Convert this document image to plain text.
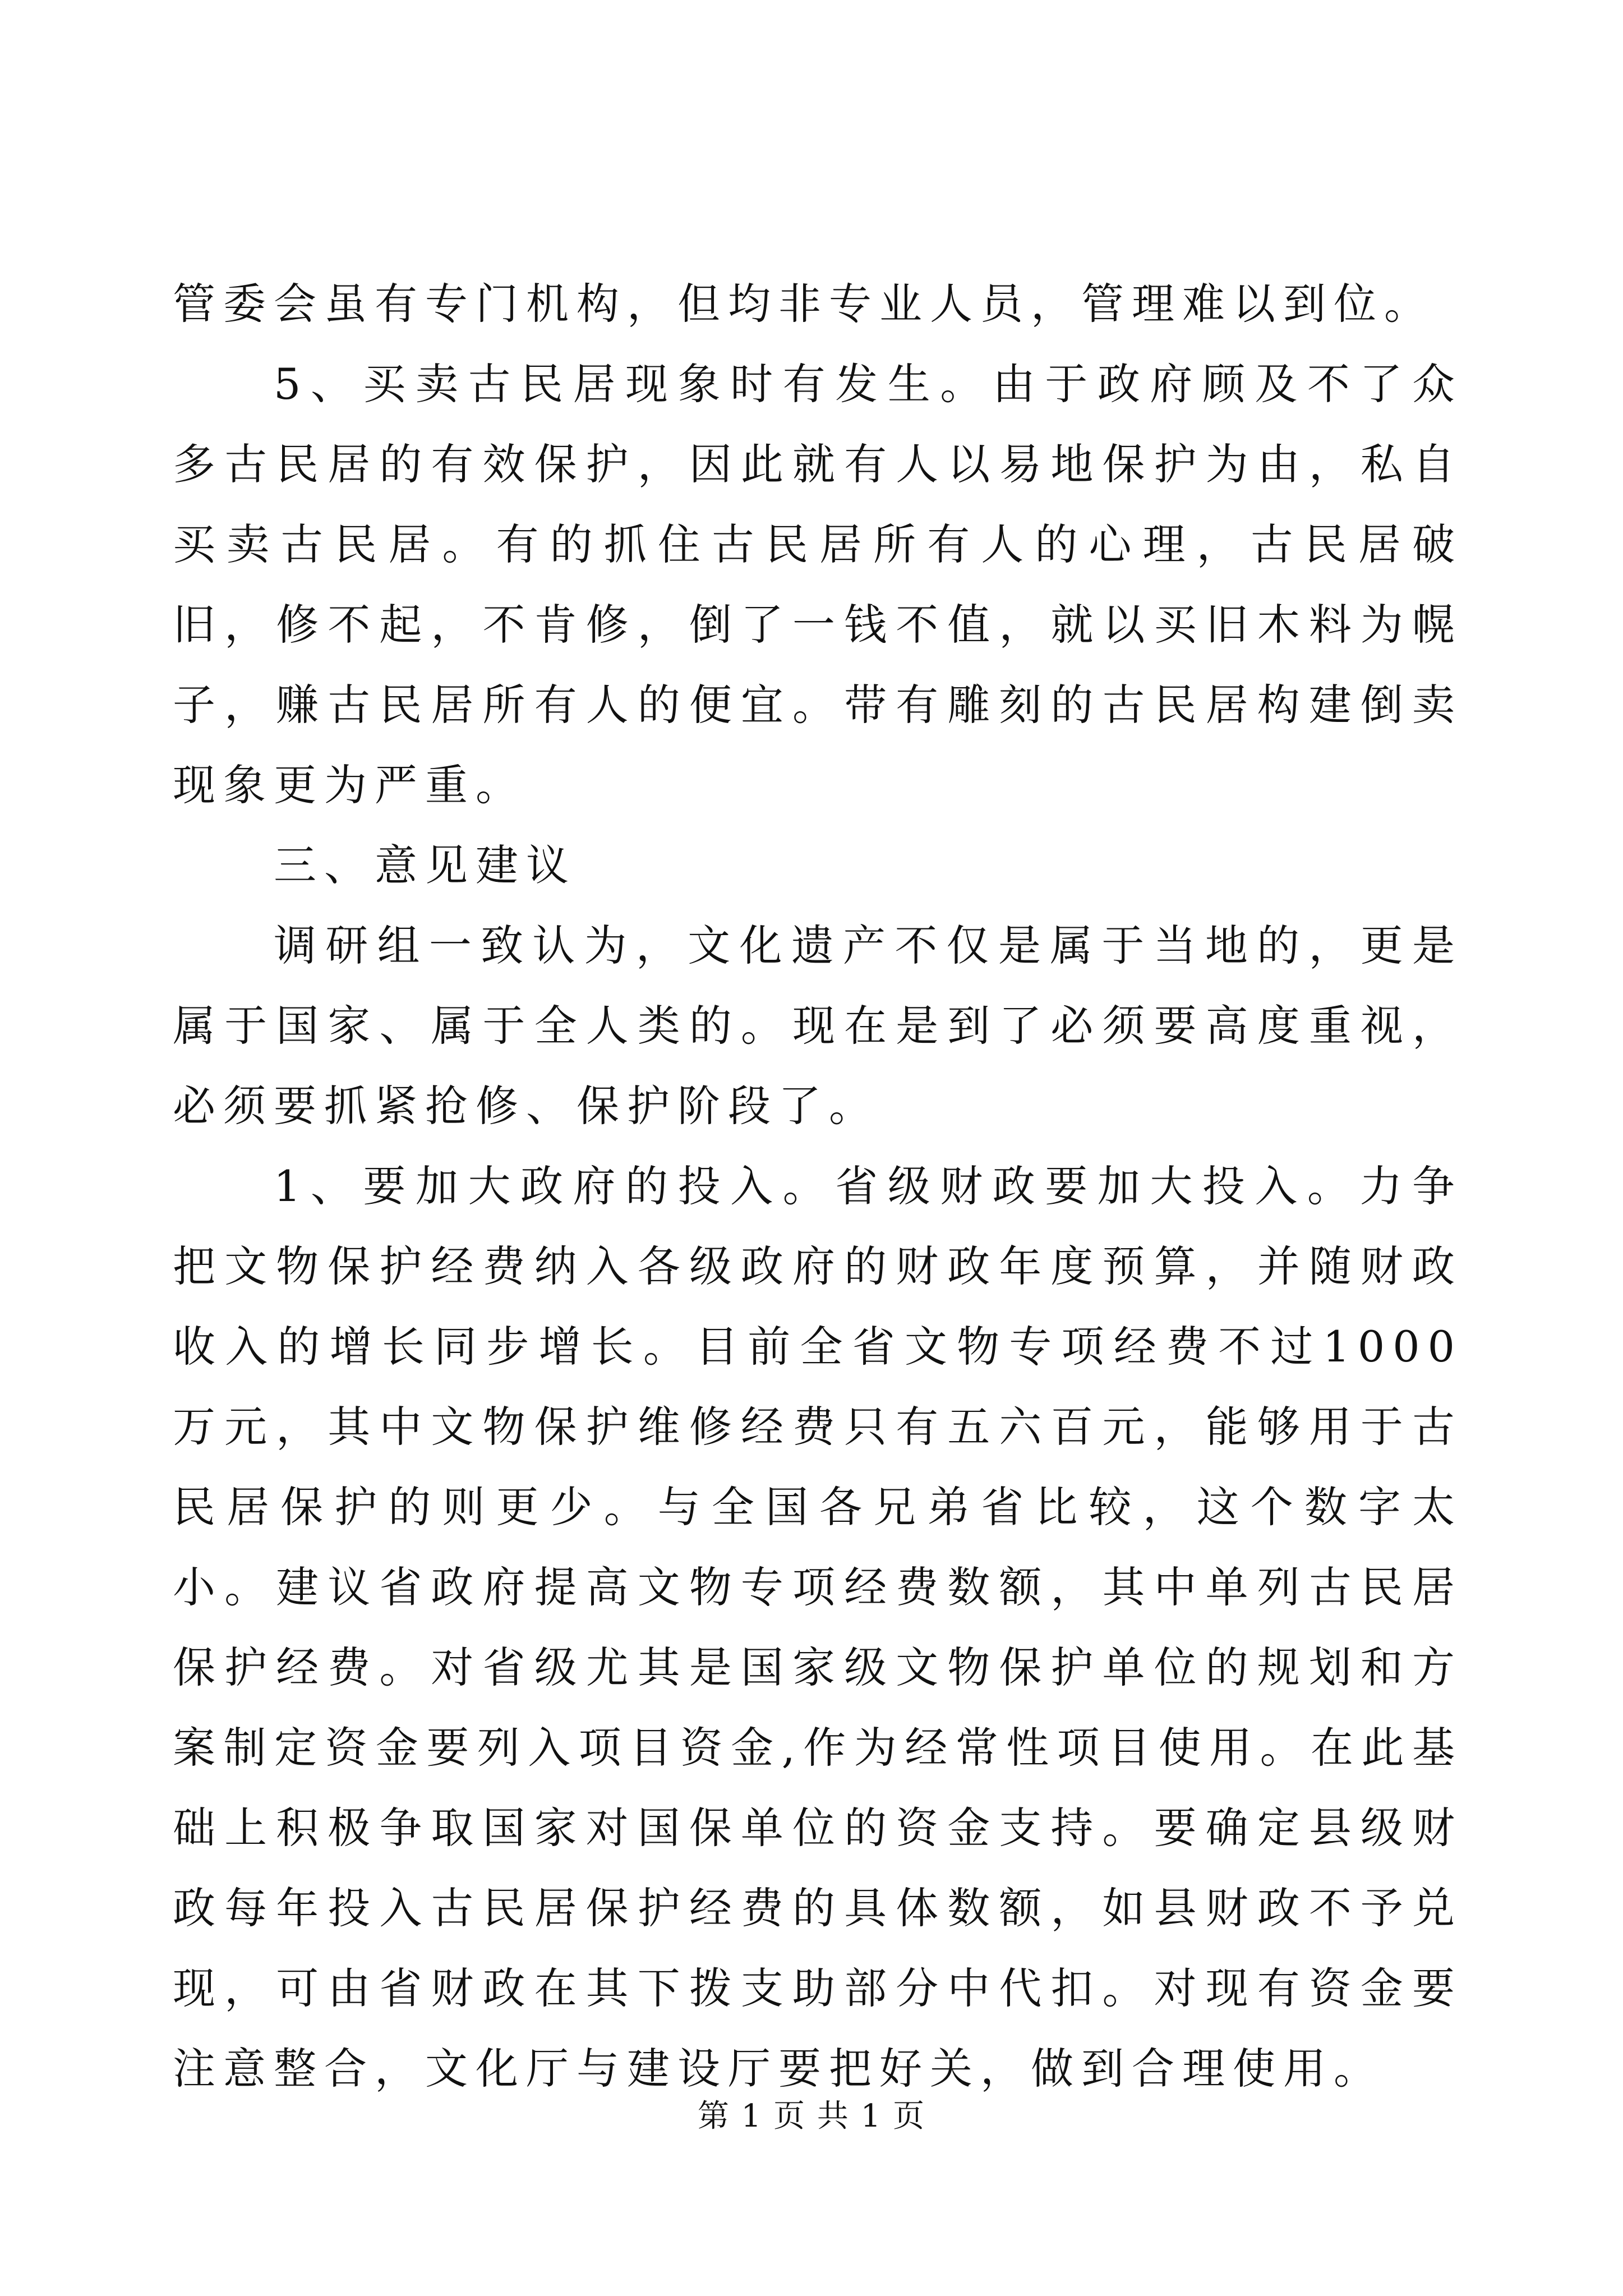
管委会虽有专门机构，但均非专业人员，管理难以到位。

5、买卖古民居现象时有发生。由于政府顾及不了众多古民居的有效保护，因此就有人以易地保护为由，私自买卖古民居。有的抓住古民居所有人的心理，古民居破旧，修不起，不肯修，倒了一钱不值，就以买旧木料为幌子，赚古民居所有人的便宜。带有雕刻的古民居构建倒卖现象更为严重。

三、意见建议

调研组一致认为，文化遗产不仅是属于当地的，更是属于国家、属于全人类的。现在是到了必须要高度重视，必须要抓紧抢修、保护阶段了。

1、要加大政府的投入。省级财政要加大投入。力争把文物保护经费纳入各级政府的财政年度预算，并随财政收入的增长同步增长。目前全省文物专项经费不过1000万元，其中文物保护维修经费只有五六百元，能够用于古民居保护的则更少。与全国各兄弟省比较，这个数字太小。建议省政府提高文物专项经费数额，其中单列古民居保护经费。对省级尤其是国家级文物保护单位的规划和方案制定资金要列入项目资金,作为经常性项目使用。在此基础上积极争取国家对国保单位的资金支持。要确定县级财政每年投入古民居保护经费的具体数额，如县财政不予兑现，可由省财政在其下拨支助部分中代扣。对现有资金要注意整合，文化厅与建设厅要把好关，做到合理使用。

第 1 页 共 1 页
